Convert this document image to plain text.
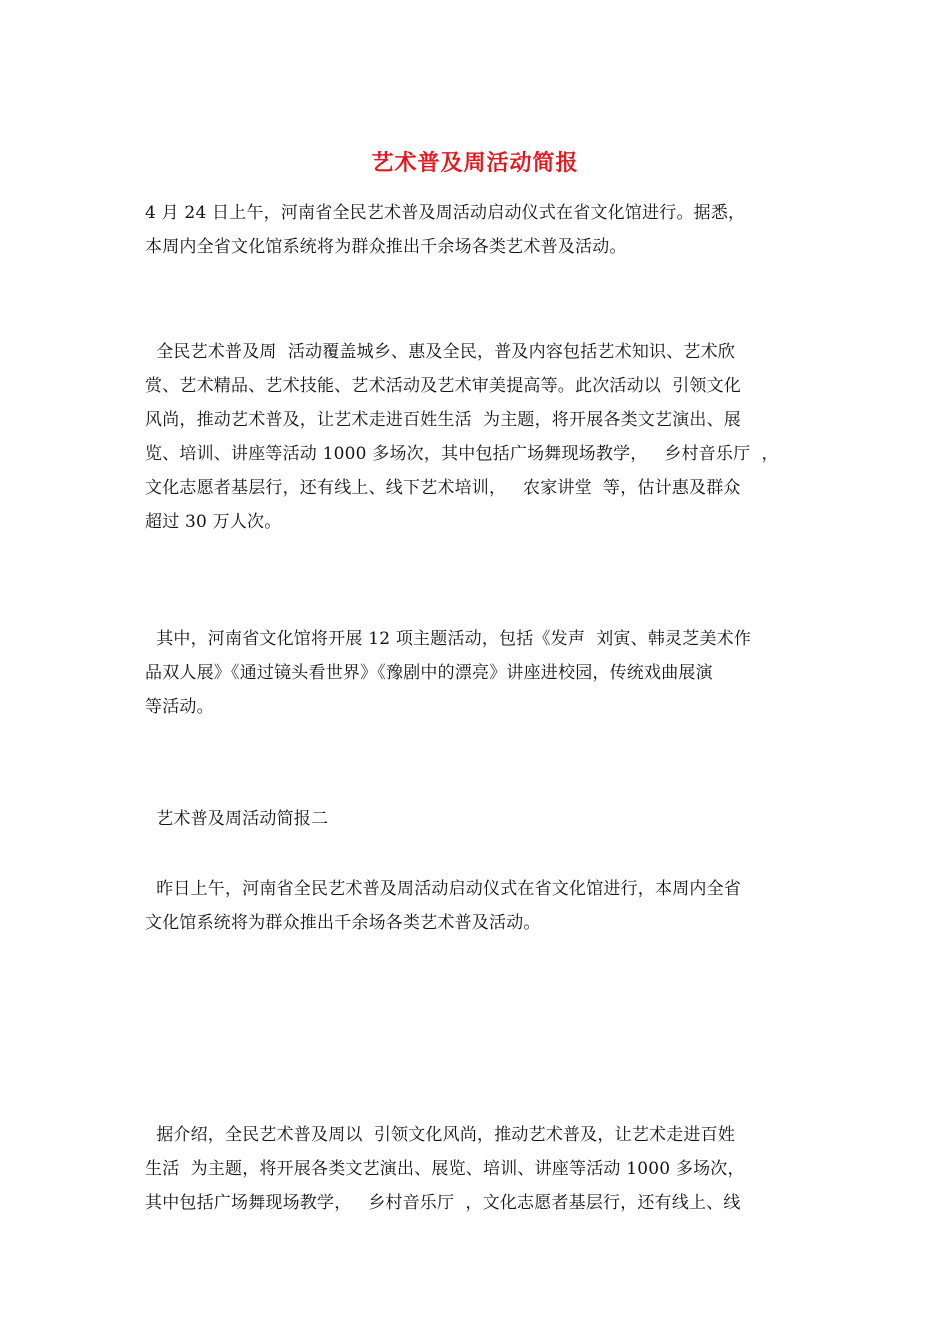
艺术普及周活动简报
4 月 24 日上午，河南省全民艺术普及周活动启动仪式在省文化馆进行。据悉，
本周内全省文化馆系统将为群众推出千余场各类艺术普及活动。
全民艺术普及周  活动覆盖城乡、惠及全民，普及内容包括艺术知识、艺术欣
赏、艺术精品、艺术技能、艺术活动及艺术审美提高等。此次活动以  引领文化
风尚，推动艺术普及，让艺术走进百姓生活  为主题，将开展各类文艺演出、展
览、培训、讲座等活动 1000 多场次，其中包括广场舞现场教学，   乡村音乐厅  ，
文化志愿者基层行，还有线上、线下艺术培训，   农家讲堂  等，估计惠及群众
超过 30 万人次。
其中，河南省文化馆将开展 12 项主题活动，包括《发声  刘寅、韩灵芝美术作
品双人展》《通过镜头看世界》《豫剧中的漂亮》讲座进校园，传统戏曲展演
等活动。
艺术普及周活动简报二
昨日上午，河南省全民艺术普及周活动启动仪式在省文化馆进行，本周内全省
文化馆系统将为群众推出千余场各类艺术普及活动。
据介绍，全民艺术普及周以  引领文化风尚，推动艺术普及，让艺术走进百姓
生活  为主题，将开展各类文艺演出、展览、培训、讲座等活动 1000 多场次，
其中包括广场舞现场教学，   乡村音乐厅  ，文化志愿者基层行，还有线上、线
